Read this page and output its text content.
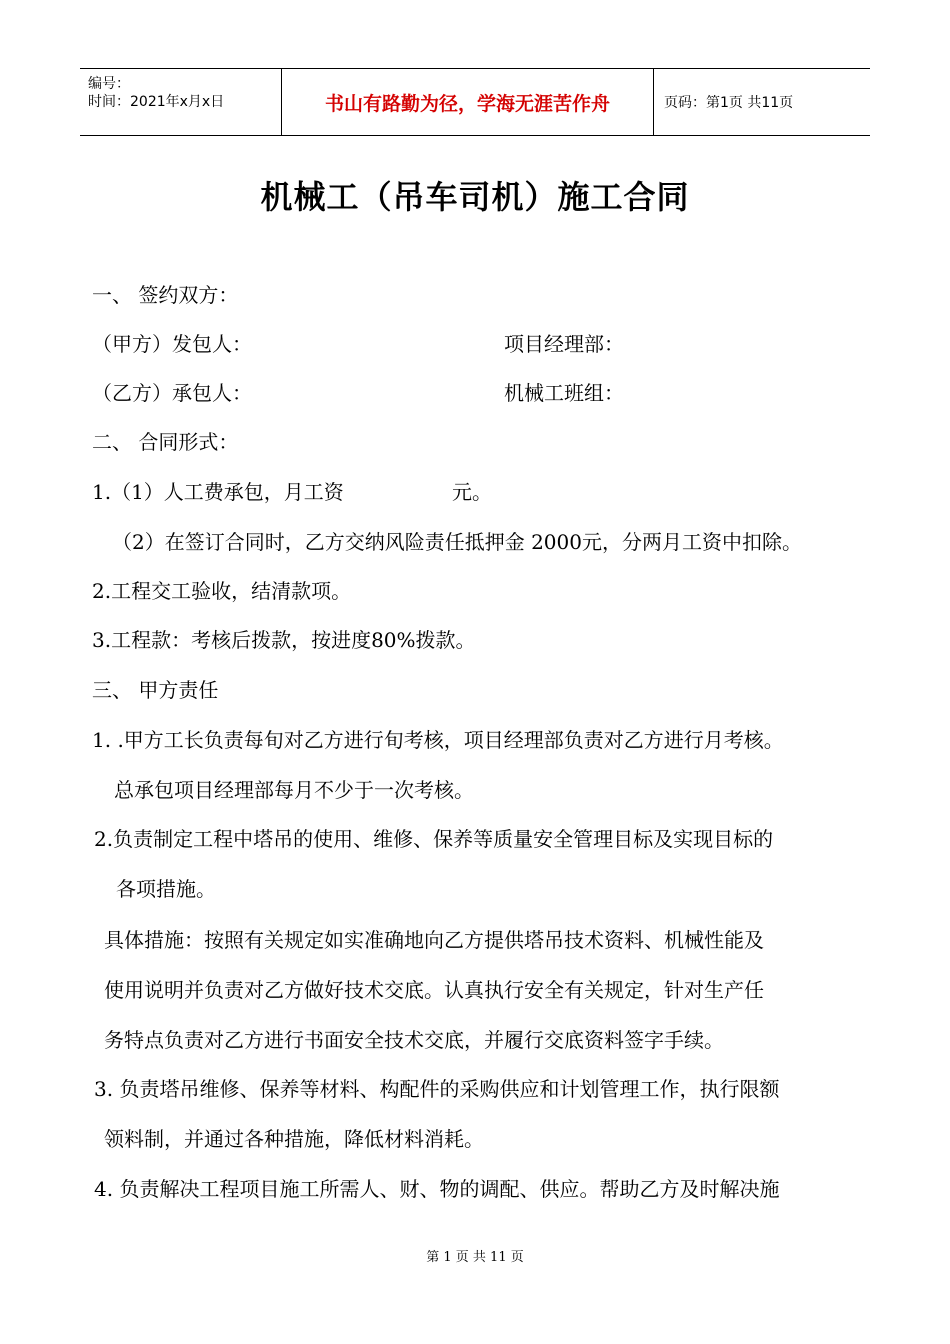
编号：
时间：2021年x月x日	书山有路勤为径，学海无涯苦作舟	页码：第1页 共11页
机械工（吊车司机）施工合同
一、 签约双方：
（甲方）发包人：	项目经理部：
（乙方）承包人：	机械工班组：
二、 合同形式：
1.（1）人工费承包，月工资	元。
（2）在签订合同时，乙方交纳风险责任抵押金 2000元，分两月工资中扣除。
2.工程交工验收，结清款项。
3.工程款：考核后拨款，按进度80%拨款。
三、 甲方责任
1. .甲方工长负责每旬对乙方进行旬考核，项目经理部负责对乙方进行月考核。
总承包项目经理部每月不少于一次考核。
2.负责制定工程中塔吊的使用、维修、保养等质量安全管理目标及实现目标的
各项措施。
具体措施：按照有关规定如实准确地向乙方提供塔吊技术资料、机械性能及
使用说明并负责对乙方做好技术交底。认真执行安全有关规定，针对生产任
务特点负责对乙方进行书面安全技术交底，并履行交底资料签字手续。
3. 负责塔吊维修、保养等材料、构配件的采购供应和计划管理工作，执行限额
领料制，并通过各种措施，降低材料消耗。
4. 负责解决工程项目施工所需人、财、物的调配、供应。帮助乙方及时解决施
第 1 页 共 11 页
